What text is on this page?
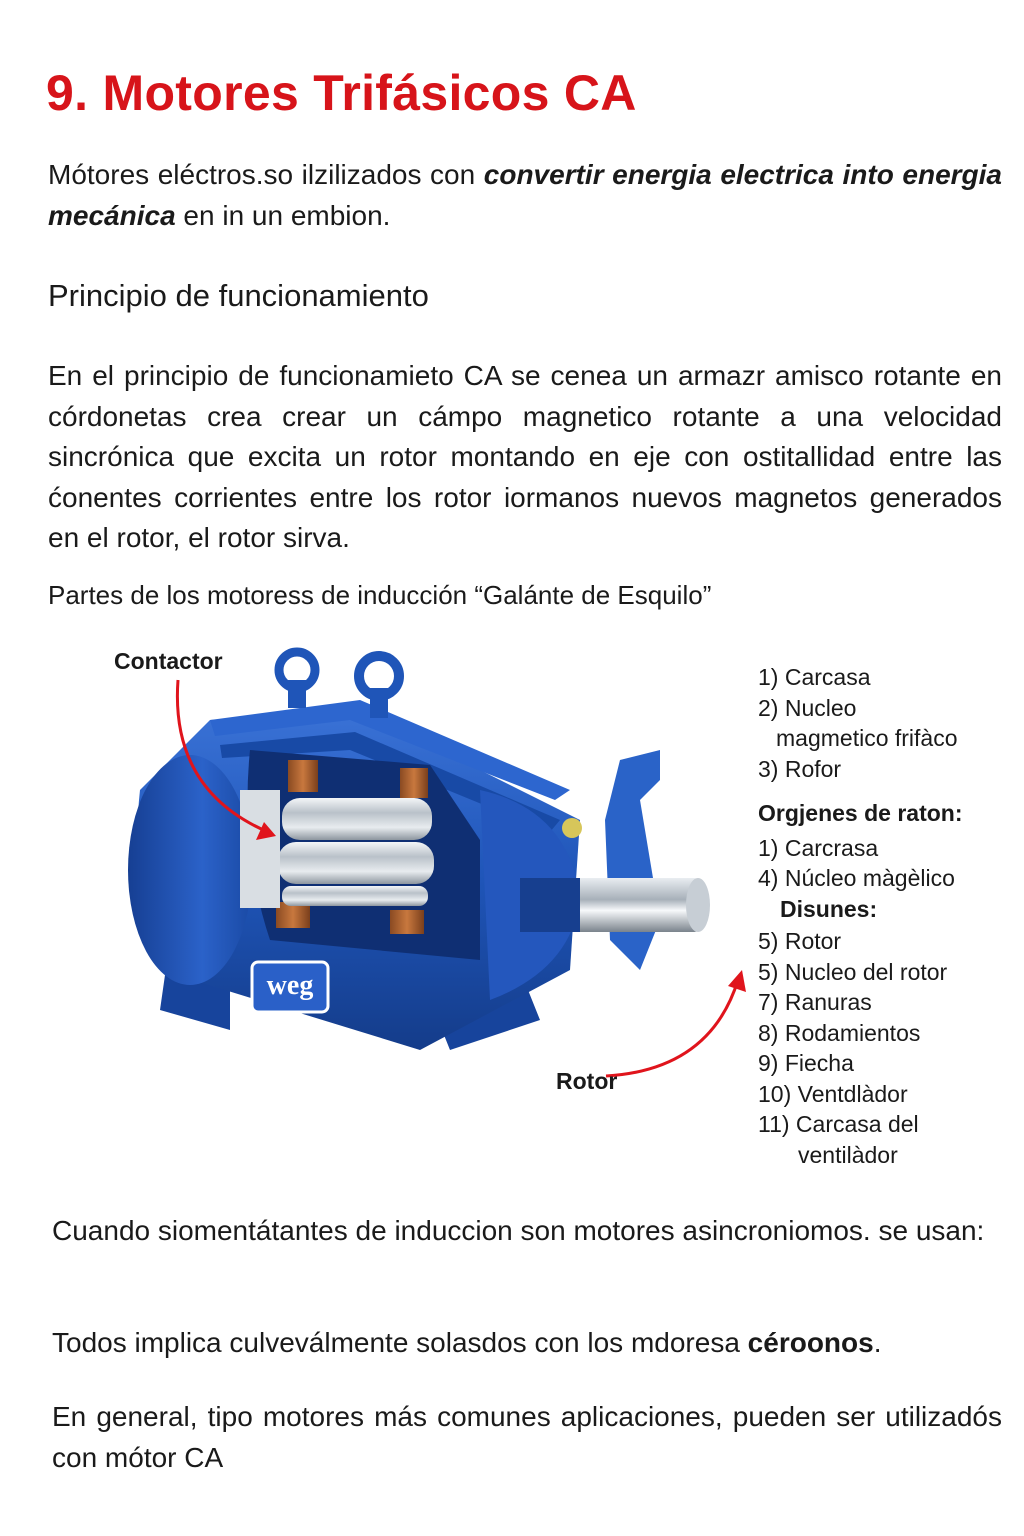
9. Motores Trifásicos CA

Mótores eléctros.so ilzilizados con convertir energia electrica into energia mecánica en in un embion.

Principio de funcionamiento

En el principio de funcionamieto CA se cenea un armazr amisco rotante en córdonetas crea crear un cámpo magnetico rotante a una velocidad sincrónica que excita un rotor montando en eje con ostitallidad entre las ćonentes corrientes entre los rotor iormanos nuevos magnetos generados en el rotor, el rotor sirva.

Partes de los motoress de inducción “Galánte de Esquilo”
weg
Contactor
Rotor
1) Carcasa
2) Nucleo
magmetico frifàco
3) Rofor
Orgjenes de raton:
1) Carcrasa
4) Núcleo màgèlico
Disunes:
5) Rotor
5) Nucleo del rotor
7) Ranuras
8) Rodamientos
9) Fiecha
10) Ventdlàdor
11) Carcasa del
ventilàdor

Cuando siomentátantes de induccion son motores asincroniomos. se usan:

Todos implica culveválmente solasdos con los mdoresa céroonos.

En general, tipo motores más comunes aplicaciones, pueden ser utilizadós con mótor CA
